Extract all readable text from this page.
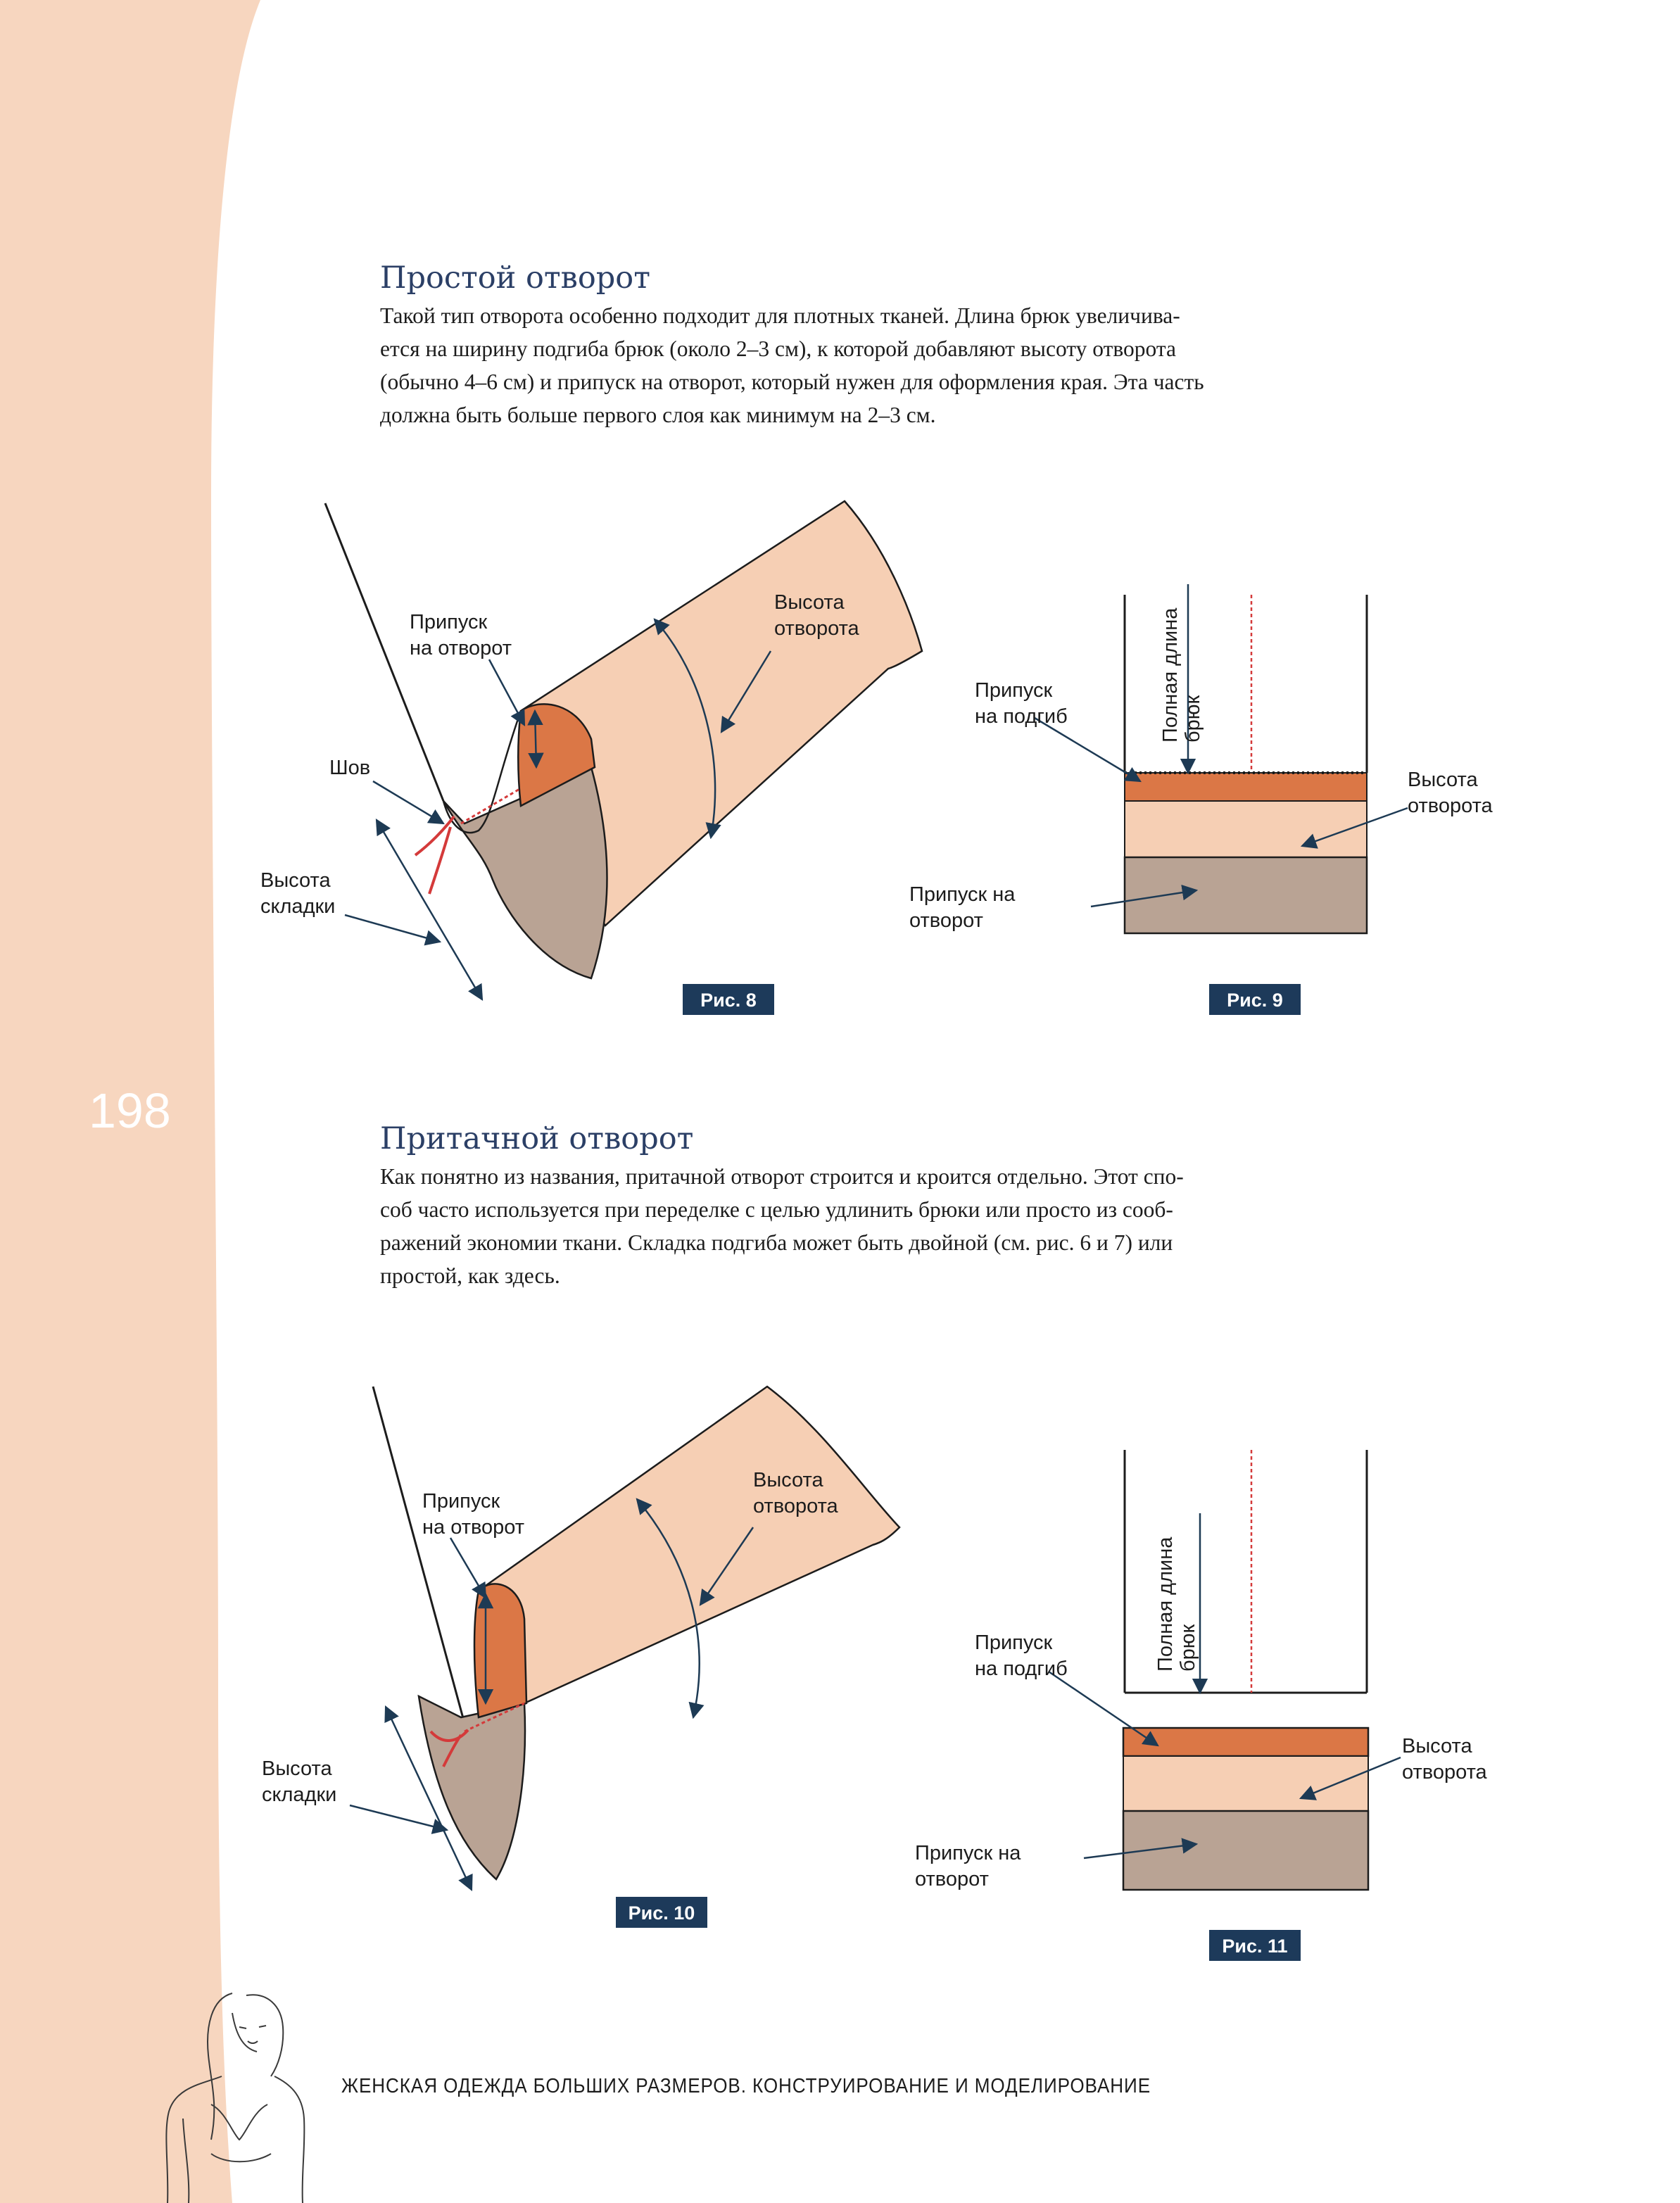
198
Простой отворот

Такой тип отворота особенно подходит для плотных тканей. Длина брюк увеличива-
ется на ширину подгиба брюк (около 2–3 см), к которой добавляют высоту отворота
(обычно 4–6 см) и припуск на отворот, который нужен для оформления края. Эта часть
должна быть больше первого слоя как минимум на 2–3 см.

Притачной отворот

Как понятно из названия, притачной отворот строится и кроится отдельно. Этот спо-
соб часто используется при переделке с целью удлинить брюки или просто из сооб-
ражений экономии ткани. Складка подгиба может быть двойной (см. рис. 6 и 7) или
простой, как здесь.

Припуск
на отворот
Высота
отворота
Шов
Высота
складки
Рис. 8
Полная длина брюк
Припуск
на подгиб
Высота
отворота
Припуск на
отворот
Рис. 9
Припуск
на отворот
Высота
отворота
Высота
складки
Рис. 10
Полная длина брюк
Припуск
на подгиб
Высота
отворота
Припуск на
отворот
Рис. 11
ЖЕНСКАЯ ОДЕЖДА БОЛЬШИХ РАЗМЕРОВ. КОНСТРУИРОВАНИЕ И МОДЕЛИРОВАНИЕ
